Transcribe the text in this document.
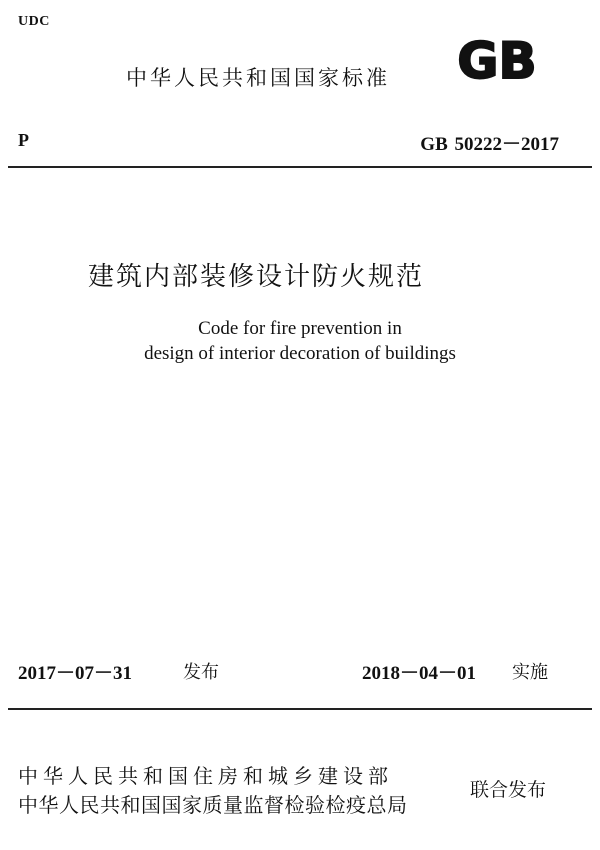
UDC
中华人民共和国国家标准 GB
P	GB 50222－2017
建筑内部装修设计防火规范
Code for fire prevention in
design of interior decoration of buildings
2017－07－31	发布	2018－04－01 实施
中华人民共和国住房和城乡建设部
中华人民共和国国家质量监督检验检疫总局
联合发布
